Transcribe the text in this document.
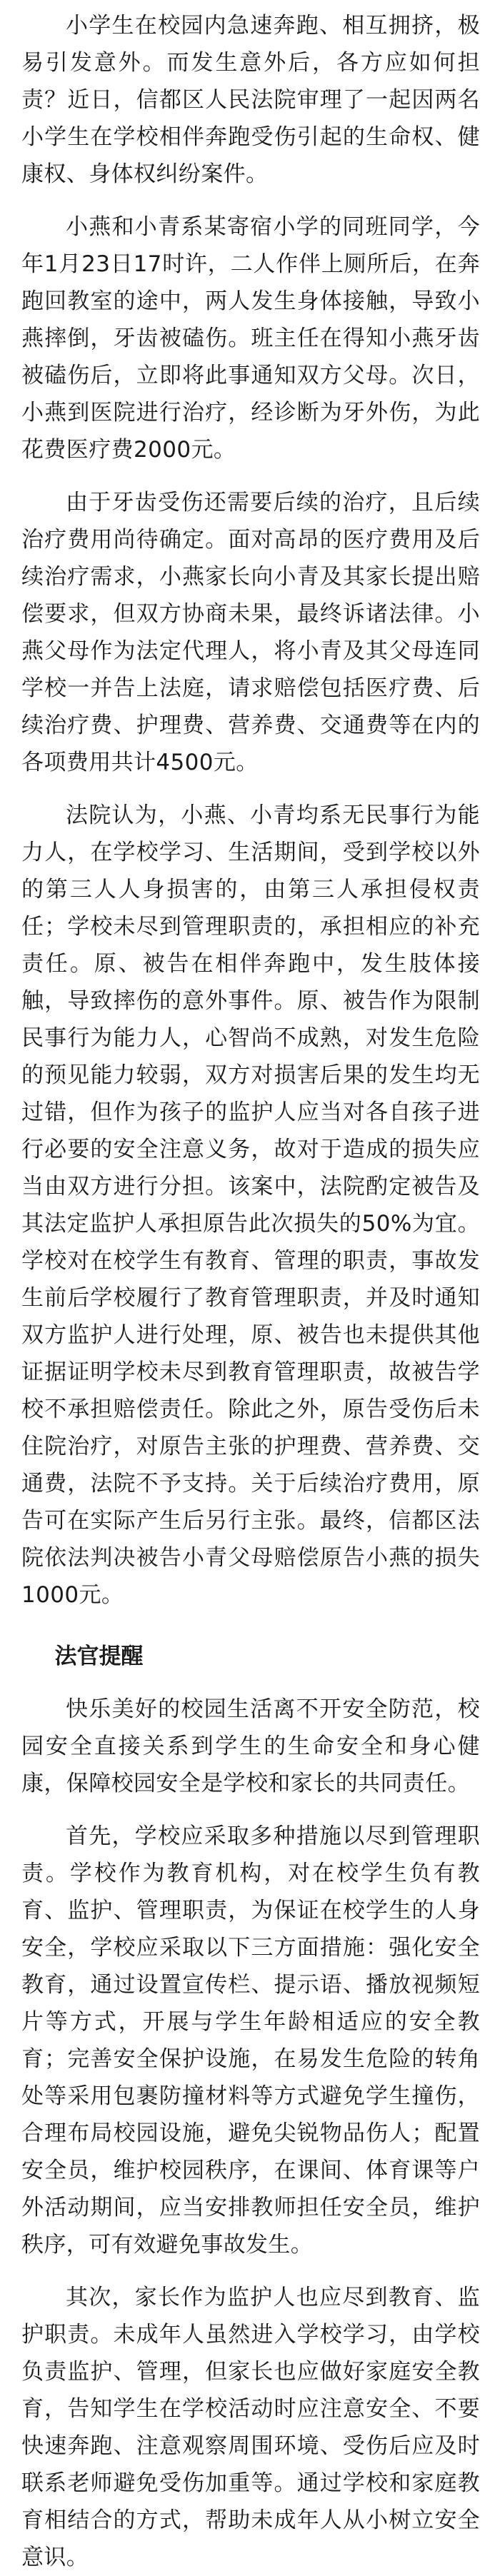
小学生在校园内急速奔跑、相互拥挤，极易引发意外。而发生意外后，各方应如何担责？近日，信都区人民法院审理了一起因两名小学生在学校相伴奔跑受伤引起的生命权、健康权、身体权纠纷案件。

小燕和小青系某寄宿小学的同班同学，今年1月23日17时许，二人作伴上厕所后，在奔跑回教室的途中，两人发生身体接触，导致小燕摔倒，牙齿被磕伤。班主任在得知小燕牙齿被磕伤后，立即将此事通知双方父母。次日，小燕到医院进行治疗，经诊断为牙外伤，为此花费医疗费2000元。

由于牙齿受伤还需要后续的治疗，且后续治疗费用尚待确定。面对高昂的医疗费用及后续治疗需求，小燕家长向小青及其家长提出赔偿要求，但双方协商未果，最终诉诸法律。小燕父母作为法定代理人，将小青及其父母连同学校一并告上法庭，请求赔偿包括医疗费、后续治疗费、护理费、营养费、交通费等在内的各项费用共计4500元。

法院认为，小燕、小青均系无民事行为能力人，在学校学习、生活期间，受到学校以外的第三人人身损害的，由第三人承担侵权责任；学校未尽到管理职责的，承担相应的补充责任。原、被告在相伴奔跑中，发生肢体接触，导致摔伤的意外事件。原、被告作为限制民事行为能力人，心智尚不成熟，对发生危险的预见能力较弱，双方对损害后果的发生均无过错，但作为孩子的监护人应当对各自孩子进行必要的安全注意义务，故对于造成的损失应当由双方进行分担。该案中，法院酌定被告及其法定监护人承担原告此次损失的50%为宜。学校对在校学生有教育、管理的职责，事故发生前后学校履行了教育管理职责，并及时通知双方监护人进行处理，原、被告也未提供其他证据证明学校未尽到教育管理职责，故被告学校不承担赔偿责任。除此之外，原告受伤后未住院治疗，对原告主张的护理费、营养费、交通费，法院不予支持。关于后续治疗费用，原告可在实际产生后另行主张。最终，信都区法院依法判决被告小青父母赔偿原告小燕的损失1000元。

法官提醒

快乐美好的校园生活离不开安全防范，校园安全直接关系到学生的生命安全和身心健康，保障校园安全是学校和家长的共同责任。

首先，学校应采取多种措施以尽到管理职责。学校作为教育机构，对在校学生负有教育、监护、管理职责，为保证在校学生的人身安全，学校应采取以下三方面措施：强化安全教育，通过设置宣传栏、提示语、播放视频短片等方式，开展与学生年龄相适应的安全教育；完善安全保护设施，在易发生危险的转角处等采用包裹防撞材料等方式避免学生撞伤，合理布局校园设施，避免尖锐物品伤人；配置安全员，维护校园秩序，在课间、体育课等户外活动期间，应当安排教师担任安全员，维护秩序，可有效避免事故发生。

其次，家长作为监护人也应尽到教育、监护职责。未成年人虽然进入学校学习，由学校负责监护、管理，但家长也应做好家庭安全教育，告知学生在学校活动时应注意安全、不要快速奔跑、注意观察周围环境、受伤后应及时联系老师避免受伤加重等。通过学校和家庭教育相结合的方式，帮助未成年人从小树立安全意识。
